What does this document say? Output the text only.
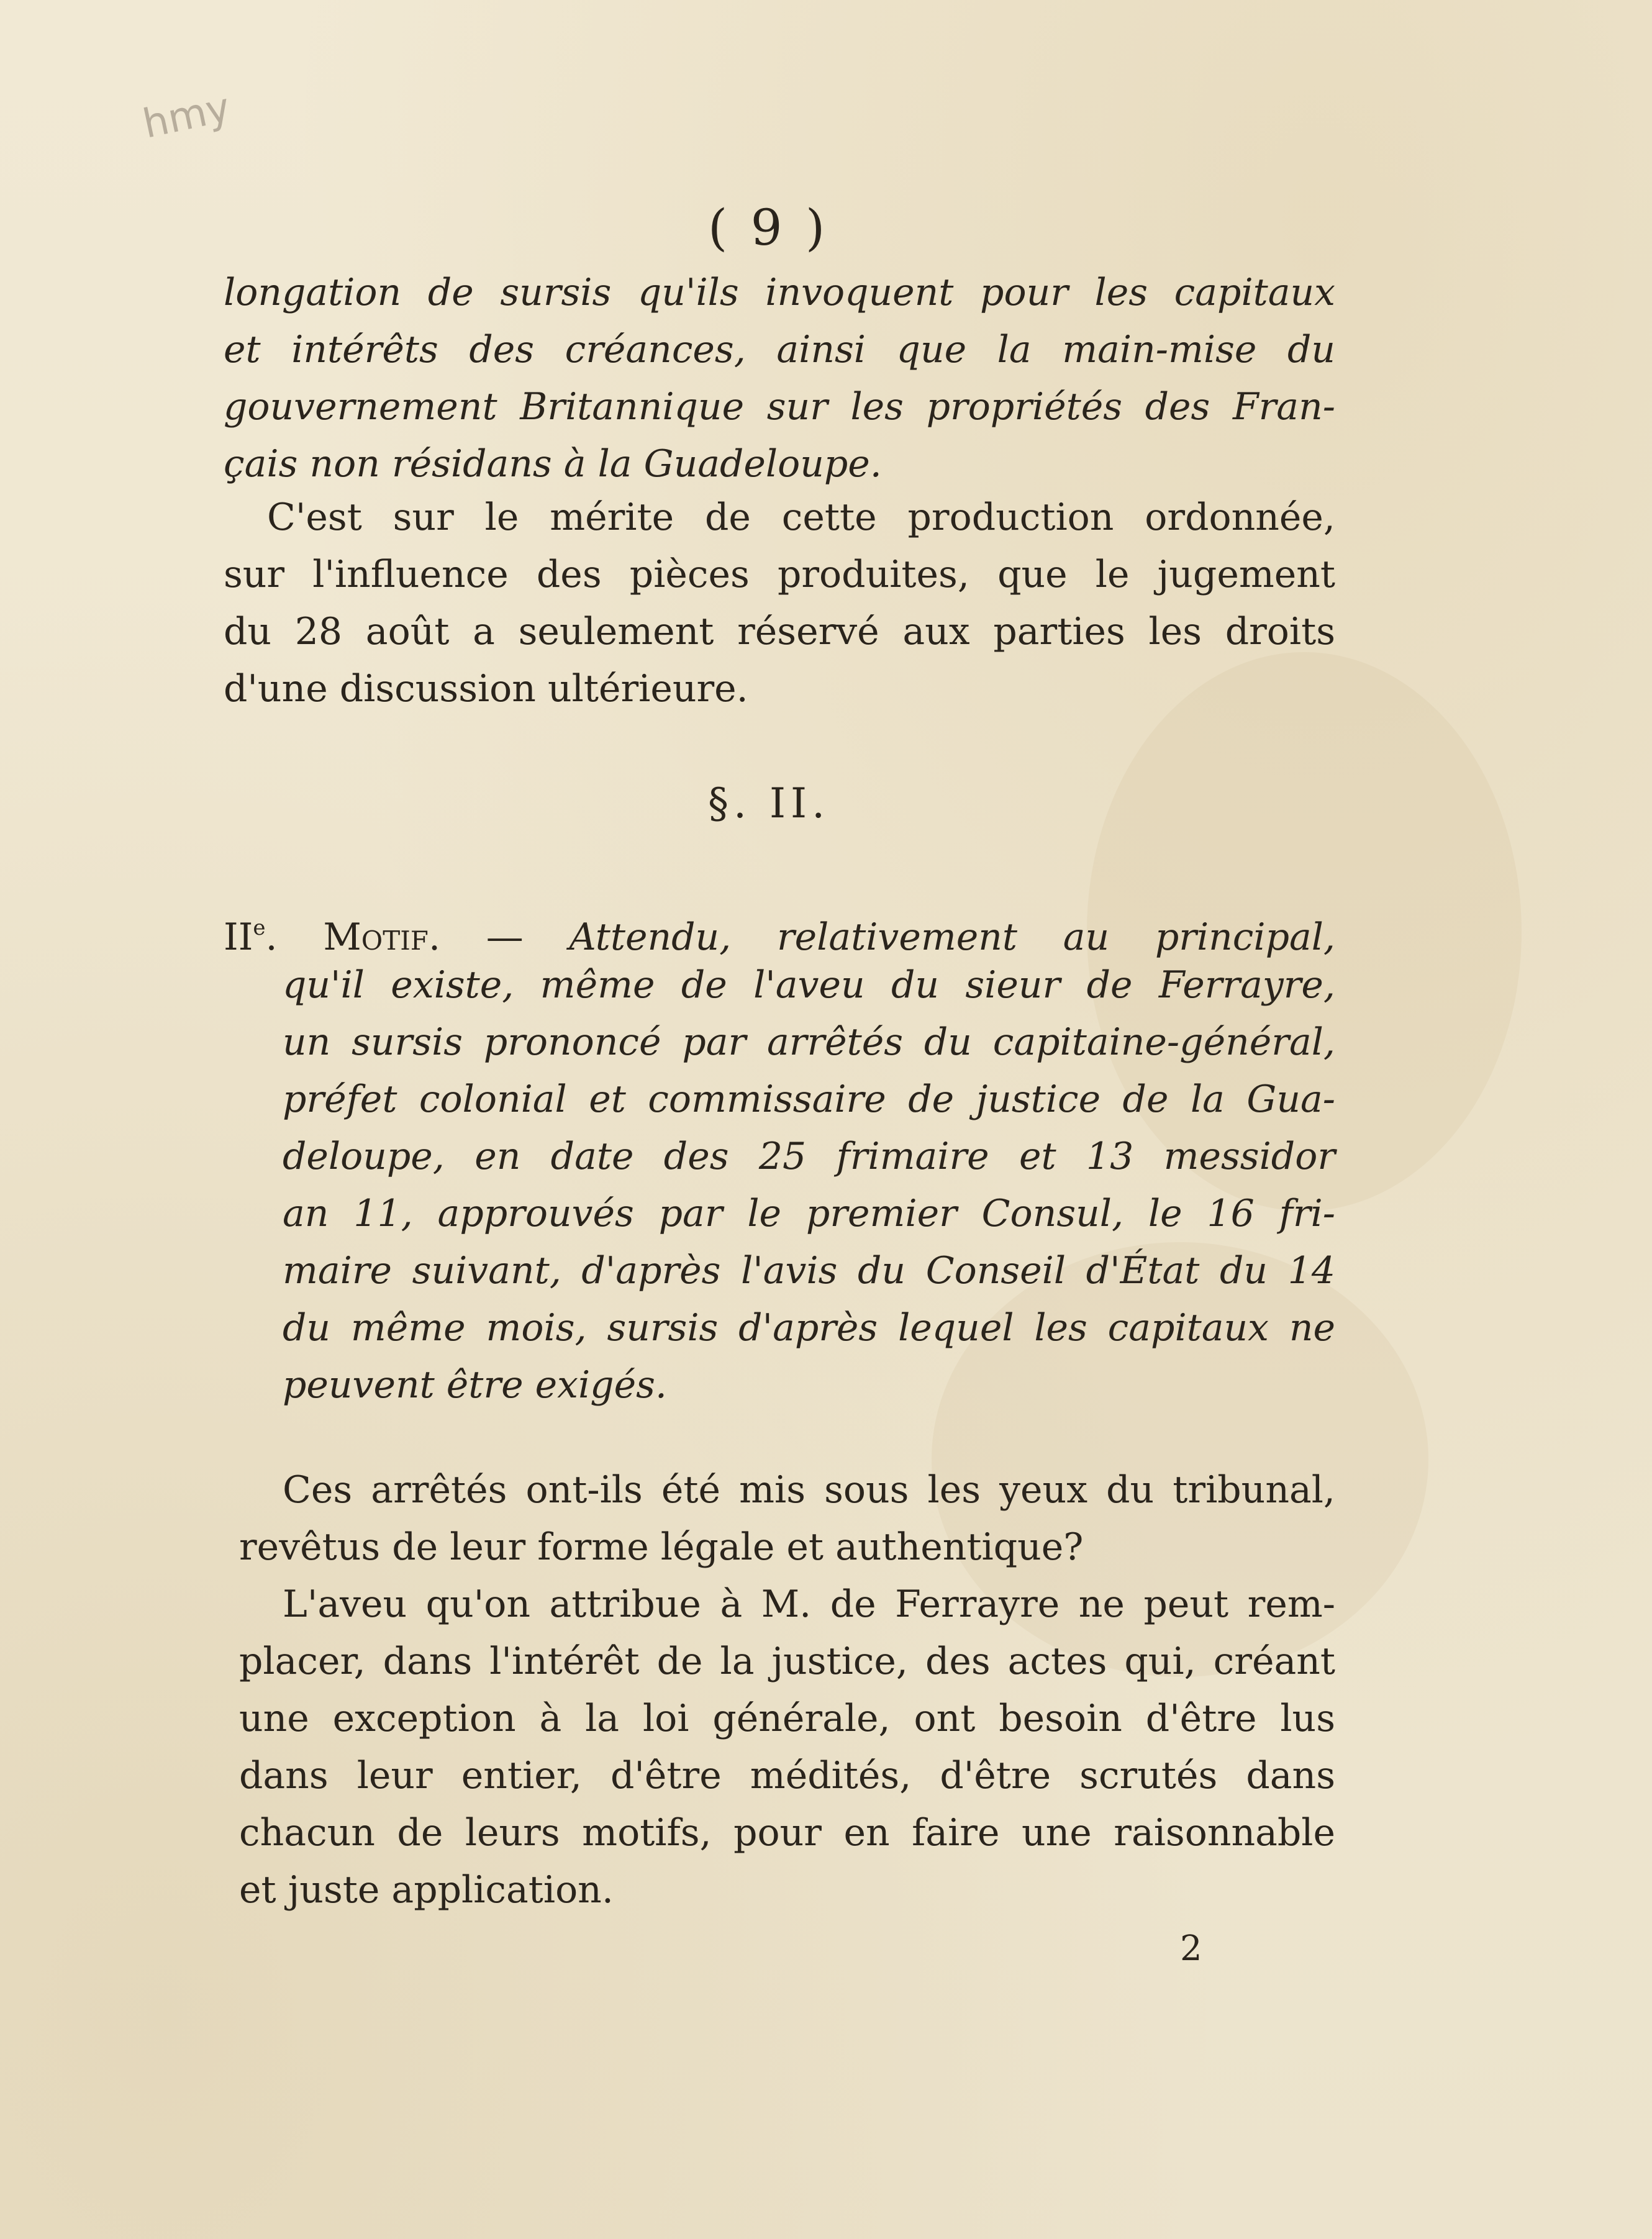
hmy
( 9 )
longation de sursis qu'ils invoquent pour les capitaux
et intérêts des créances, ainsi que la main-mise du
gouvernement Britannique sur les propriétés des Fran-
çais non résidans à la Guadeloupe.
C'est sur le mérite de cette production ordonnée,
sur l'influence des pièces produites, que le jugement
du 28 août a seulement réservé aux parties les droits
d'une discussion ultérieure.
§. II.
IIe. Motif. — Attendu, relativement au principal,
qu'il existe, même de l'aveu du sieur de Ferrayre,
un sursis prononcé par arrêtés du capitaine-général,
préfet colonial et commissaire de justice de la Gua-
deloupe, en date des 25 frimaire et 13 messidor
an 11, approuvés par le premier Consul, le 16 fri-
maire suivant, d'après l'avis du Conseil d'État du 14
du même mois, sursis d'après lequel les capitaux ne
peuvent être exigés.
Ces arrêtés ont-ils été mis sous les yeux du tribunal,
revêtus de leur forme légale et authentique?
L'aveu qu'on attribue à M. de Ferrayre ne peut rem-
placer, dans l'intérêt de la justice, des actes qui, créant
une exception à la loi générale, ont besoin d'être lus
dans leur entier, d'être médités, d'être scrutés dans
chacun de leurs motifs, pour en faire une raisonnable
et juste application.
2
